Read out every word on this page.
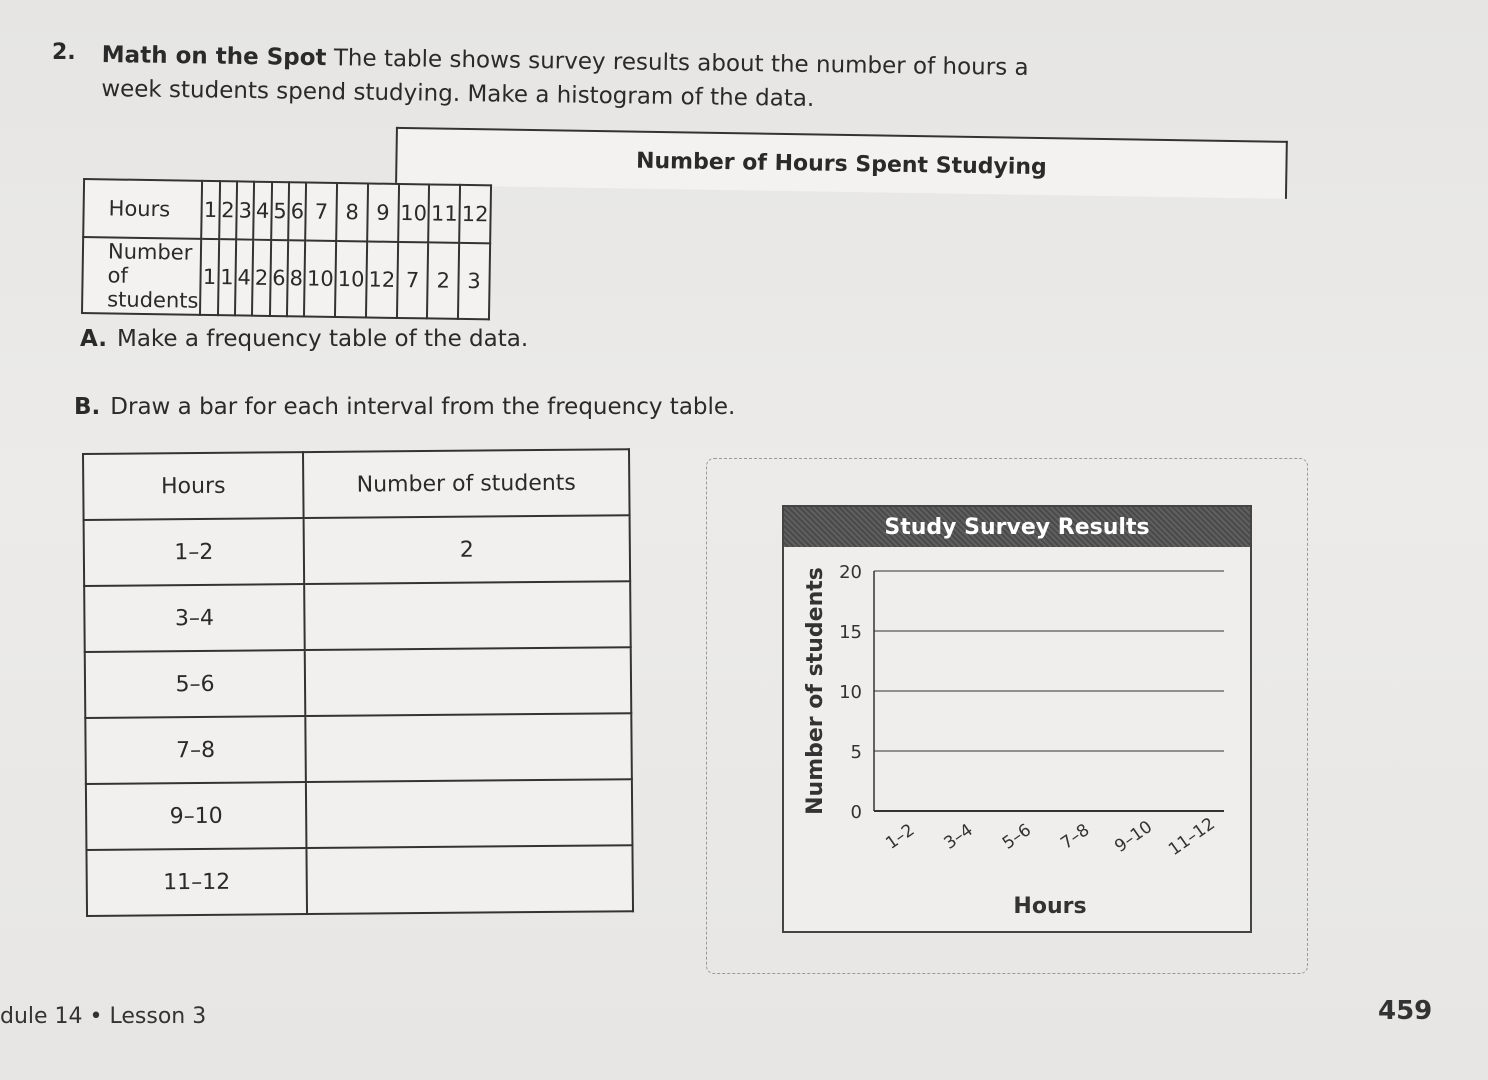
2. Math on the Spot The table shows survey results about the number of hours a week students spend studying. Make a histogram of the data.
Number of Hours Spent Studying
Hours	1	2	3	4	5	6	7	8	9	10	11	12
Number of students	1	1	4	2	6	8	10	10	12	7	2	3
A. Make a frequency table of the data.
B. Draw a bar for each interval from the frequency table.
Hours	Number of students
1–2	2
3–4	
5–6	
7–8	
9–10	
11–12	
Study Survey Results
0
5
10
15
20
1–2 3–4 5–6 7–8 9–10 11–12
Hours
Number of students
dule 14 • Lesson 3	459
